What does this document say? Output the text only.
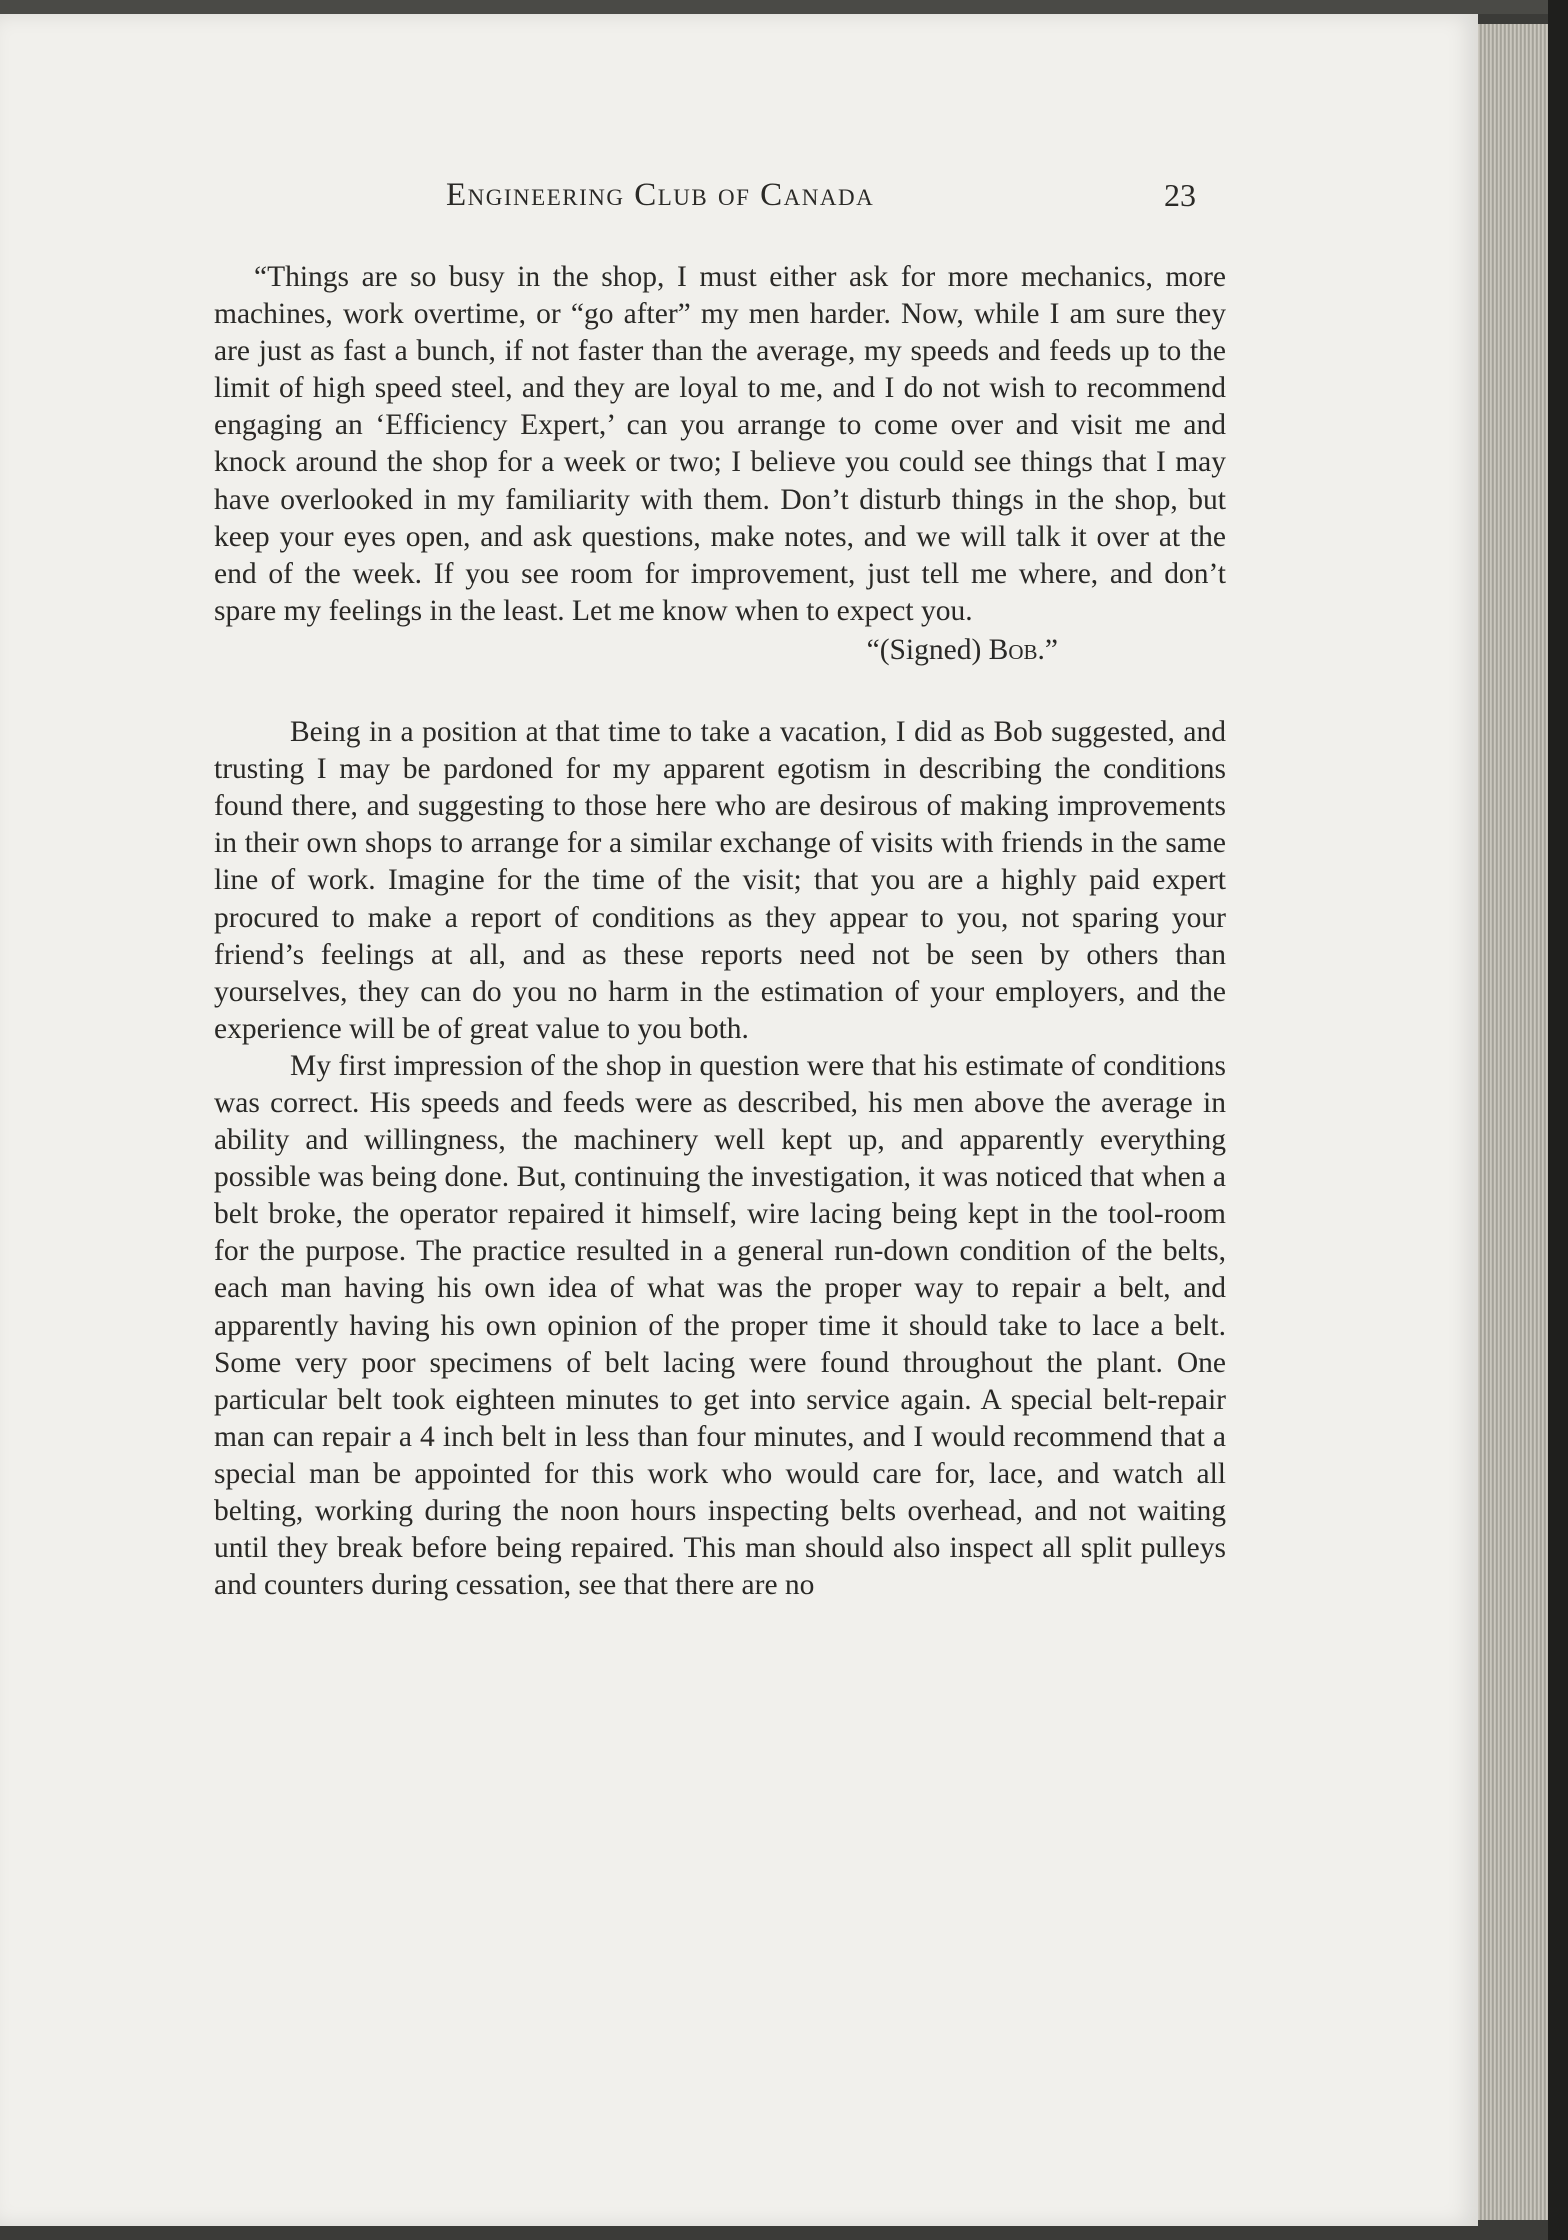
Engineering Club of Canada	23

“Things are so busy in the shop, I must either ask for more mechanics, more machines, work overtime, or “go after” my men harder. Now, while I am sure they are just as fast a bunch, if not faster than the average, my speeds and feeds up to the limit of high speed steel, and they are loyal to me, and I do not wish to recommend engaging an ‘Efficiency Expert,’ can you arrange to come over and visit me and knock around the shop for a week or two; I believe you could see things that I may have overlooked in my familiarity with them. Don’t disturb things in the shop, but keep your eyes open, and ask questions, make notes, and we will talk it over at the end of the week. If you see room for improvement, just tell me where, and don’t spare my feelings in the least. Let me know when to expect you.

“(Signed) Bob.”

Being in a position at that time to take a vacation, I did as Bob suggested, and trusting I may be pardoned for my apparent egotism in describing the conditions found there, and suggesting to those here who are desirous of making improvements in their own shops to arrange for a similar exchange of visits with friends in the same line of work. Imagine for the time of the visit; that you are a highly paid expert procured to make a report of conditions as they appear to you, not sparing your friend’s feelings at all, and as these reports need not be seen by others than yourselves, they can do you no harm in the estimation of your employers, and the experience will be of great value to you both.

My first impression of the shop in question were that his estimate of conditions was correct. His speeds and feeds were as described, his men above the average in ability and willingness, the machinery well kept up, and apparently everything possible was being done. But, continuing the investigation, it was noticed that when a belt broke, the operator repaired it himself, wire lacing being kept in the tool-room for the purpose. The practice resulted in a general run-down condition of the belts, each man having his own idea of what was the proper way to repair a belt, and apparently having his own opinion of the proper time it should take to lace a belt. Some very poor specimens of belt lacing were found throughout the plant. One particular belt took eighteen minutes to get into service again. A special belt-repair man can repair a 4 inch belt in less than four minutes, and I would recommend that a special man be appointed for this work who would care for, lace, and watch all belting, working during the noon hours inspecting belts overhead, and not waiting until they break before being repaired. This man should also inspect all split pulleys and counters during cessation, see that there are no
